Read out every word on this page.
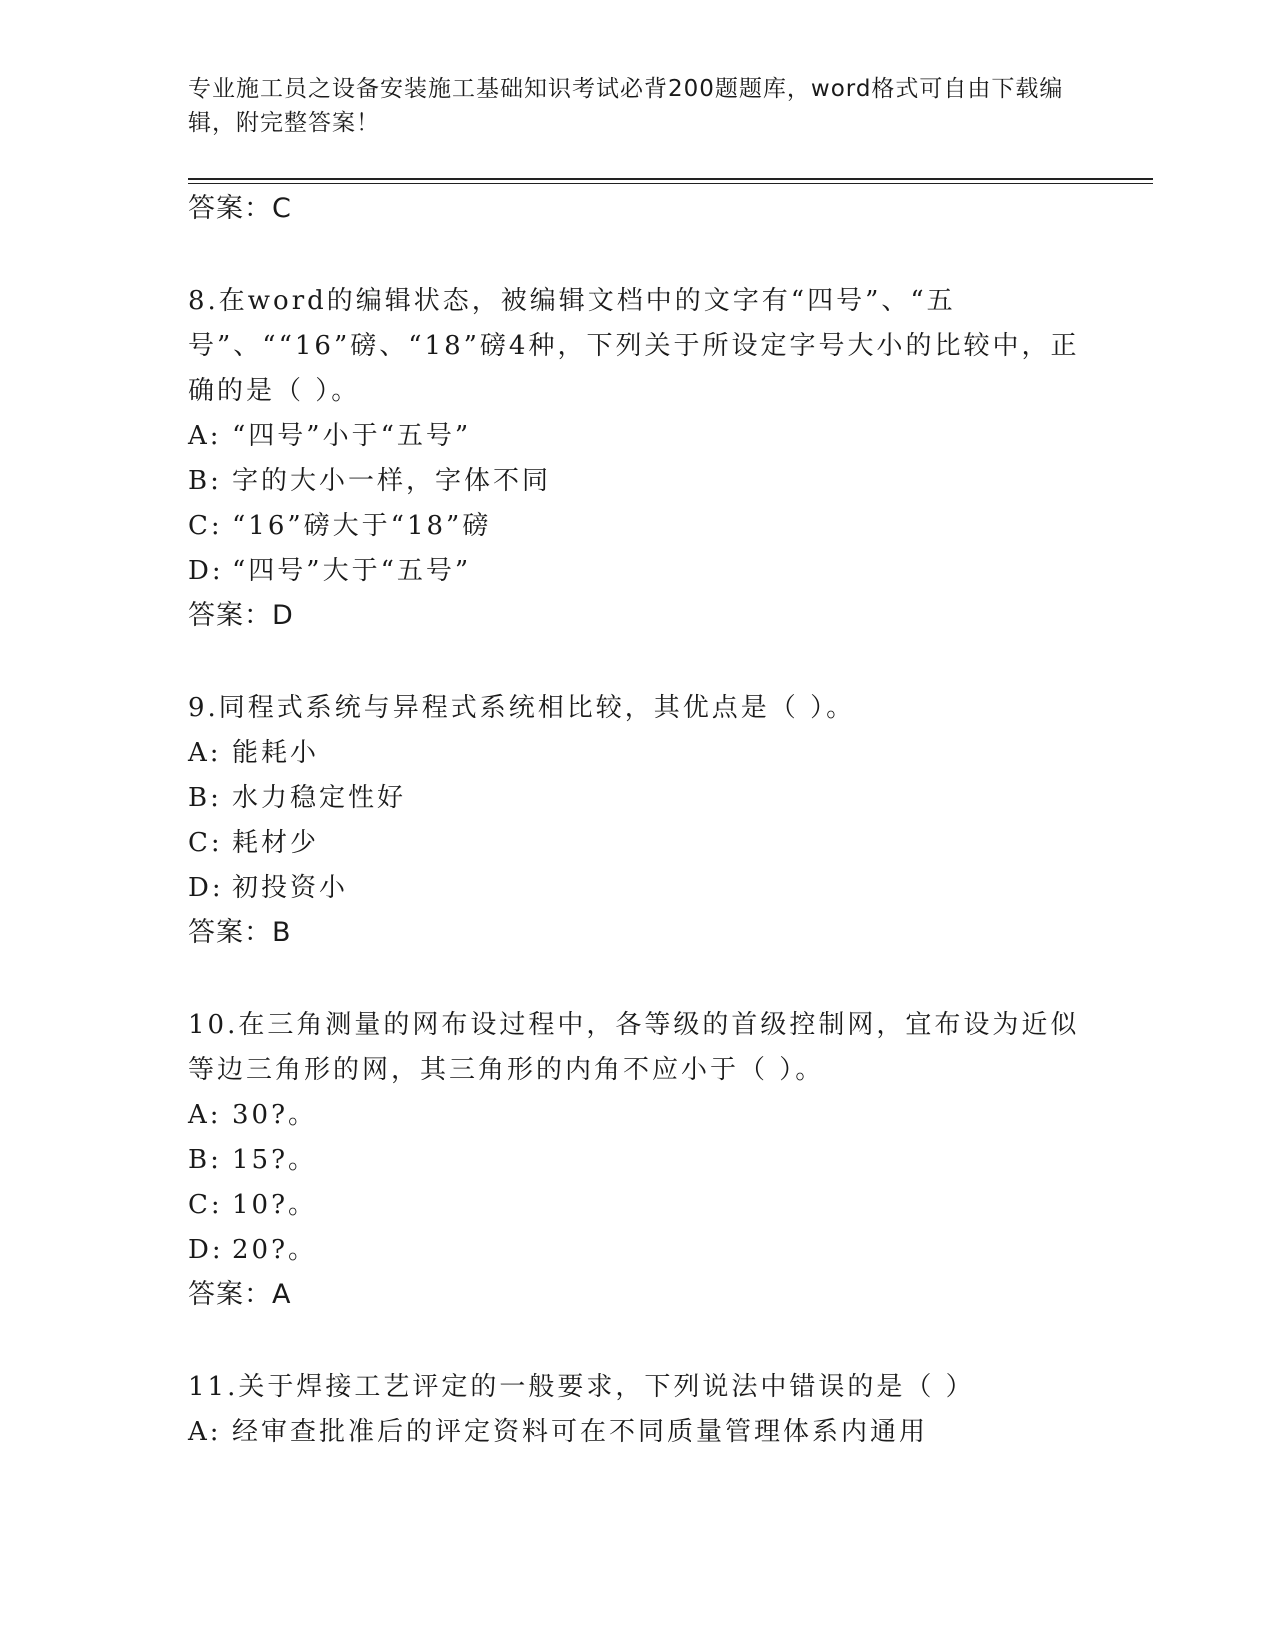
专业施工员之设备安装施工基础知识考试必背200题题库，word格式可自由下载编辑，附完整答案！
答案：C
8.在word的编辑状态，被编辑文档中的文字有“四号”、“五号”、““16”磅、“18”磅4种，下列关于所设定字号大小的比较中，正确的是（ ）。
A: “四号”小于“五号”
B: 字的大小一样，字体不同
C: “16”磅大于“18”磅
D: “四号”大于“五号”
答案：D
9.同程式系统与异程式系统相比较，其优点是（ ）。
A: 能耗小
B: 水力稳定性好
C: 耗材少
D: 初投资小
答案：B
10.在三角测量的网布设过程中，各等级的首级控制网，宜布设为近似等边三角形的网，其三角形的内角不应小于（ ）。
A: 30?。
B: 15?。
C: 10?。
D: 20?。
答案：A
11.关于焊接工艺评定的一般要求，下列说法中错误的是（ ）
A: 经审查批准后的评定资料可在不同质量管理体系内通用
